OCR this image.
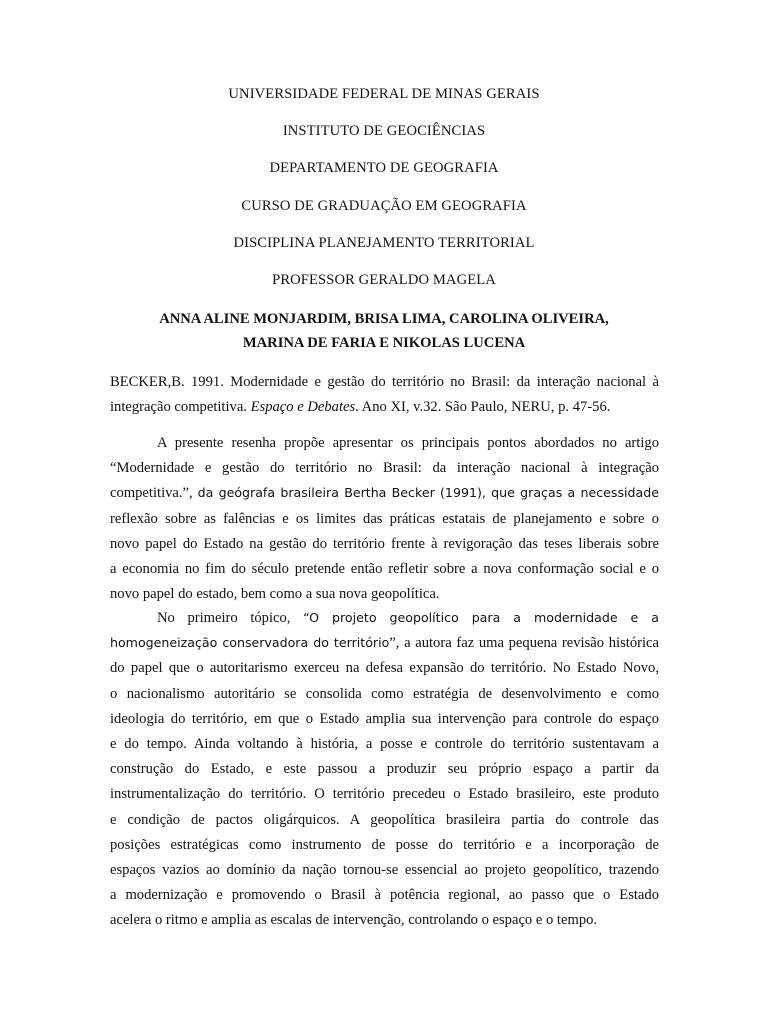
UNIVERSIDADE FEDERAL DE MINAS GERAIS
INSTITUTO DE GEOCIÊNCIAS
DEPARTAMENTO DE GEOGRAFIA
CURSO DE GRADUAÇÃO EM GEOGRAFIA
DISCIPLINA PLANEJAMENTO TERRITORIAL
PROFESSOR GERALDO MAGELA
ANNA ALINE MONJARDIM, BRISA LIMA, CAROLINA OLIVEIRA,
MARINA DE FARIA E NIKOLAS LUCENA
BECKER,B. 1991. Modernidade e gestão do território no Brasil: da interação nacional à
integração competitiva. Espaço e Debates. Ano XI, v.32. São Paulo, NERU, p. 47-56.
A presente resenha propõe apresentar os principais pontos abordados no artigo
“Modernidade e gestão do território no Brasil: da interação nacional à integração
competitiva.”, da geógrafa brasileira Bertha Becker (1991), que graças a necessidade
reflexão sobre as falências e os limites das práticas estatais de planejamento e sobre o
novo papel do Estado na gestão do território frente à revigoração das teses liberais sobre
a economia no fim do século pretende então refletir sobre a nova conformação social e o
novo papel do estado, bem como a sua nova geopolítica.
No primeiro tópico, “O projeto geopolítico para a modernidade e a
homogeneização conservadora do território”, a autora faz uma pequena revisão histórica
do papel que o autoritarismo exerceu na defesa expansão do território. No Estado Novo,
o nacionalismo autoritário se consolida como estratégia de desenvolvimento e como
ideologia do território, em que o Estado amplia sua intervenção para controle do espaço
e do tempo. Ainda voltando à história, a posse e controle do território sustentavam a
construção do Estado, e este passou a produzir seu próprio espaço a partir da
instrumentalização do território. O território precedeu o Estado brasileiro, este produto
e condição de pactos oligárquicos. A geopolítica brasileira partia do controle das
posições estratégicas como instrumento de posse do território e a incorporação de
espaços vazios ao domínio da nação tornou-se essencial ao projeto geopolítico, trazendo
a modernização e promovendo o Brasil à potência regional, ao passo que o Estado
acelera o ritmo e amplia as escalas de intervenção, controlando o espaço e o tempo.
